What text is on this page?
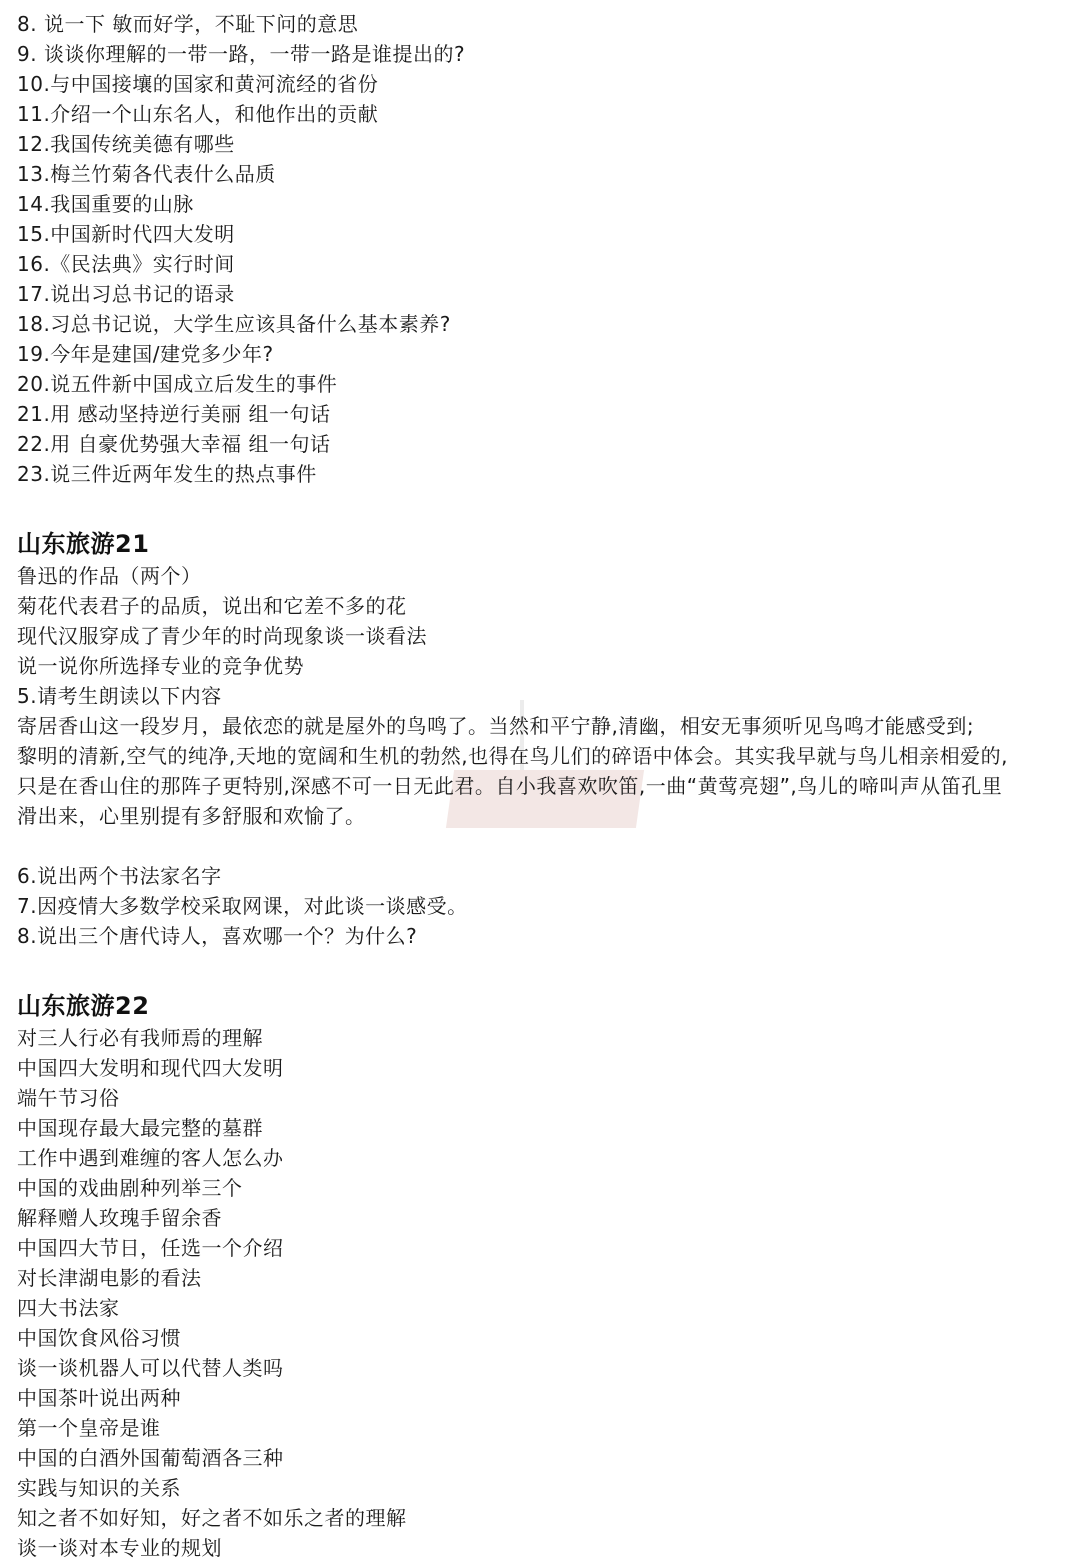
8. 说一下 敏而好学，不耻下问的意思
9. 谈谈你理解的一带一路，一带一路是谁提出的?
10.与中国接壤的国家和黄河流经的省份
11.介绍一个山东名人，和他作出的贡献
12.我国传统美德有哪些
13.梅兰竹菊各代表什么品质
14.我国重要的山脉
15.中国新时代四大发明
16.《民法典》实行时间
17.说出习总书记的语录
18.习总书记说，大学生应该具备什么基本素养?
19.今年是建国/建党多少年?
20.说五件新中国成立后发生的事件
21.用 感动坚持逆行美丽 组一句话
22.用 自豪优势强大幸福 组一句话
23.说三件近两年发生的热点事件
山东旅游21
鲁迅的作品（两个）
菊花代表君子的品质，说出和它差不多的花
现代汉服穿成了青少年的时尚现象谈一谈看法
说一说你所选择专业的竞争优势
5.请考生朗读以下内容
寄居香山这一段岁月，最依恋的就是屋外的鸟鸣了。当然和平宁静,清幽，相安无事须听见鸟鸣才能感受到;
黎明的清新,空气的纯净,天地的宽阔和生机的勃然,也得在鸟儿们的碎语中体会。其实我早就与鸟儿相亲相爱的,
只是在香山住的那阵子更特别,深感不可一日无此君。自小我喜欢吹笛,一曲“黄莺亮翅”,鸟儿的啼叫声从笛孔里
滑出来，心里别提有多舒服和欢愉了。
6.说出两个书法家名字
7.因疫情大多数学校采取网课，对此谈一谈感受。
8.说出三个唐代诗人，喜欢哪一个？为什么?
山东旅游22
对三人行必有我师焉的理解
中国四大发明和现代四大发明
端午节习俗
中国现存最大最完整的墓群
工作中遇到难缠的客人怎么办
中国的戏曲剧种列举三个
解释赠人玫瑰手留余香
中国四大节日，任选一个介绍
对长津湖电影的看法
四大书法家
中国饮食风俗习惯
谈一谈机器人可以代替人类吗
中国茶叶说出两种
第一个皇帝是谁
中国的白酒外国葡萄酒各三种
实践与知识的关系
知之者不如好知，好之者不如乐之者的理解
谈一谈对本专业的规划
